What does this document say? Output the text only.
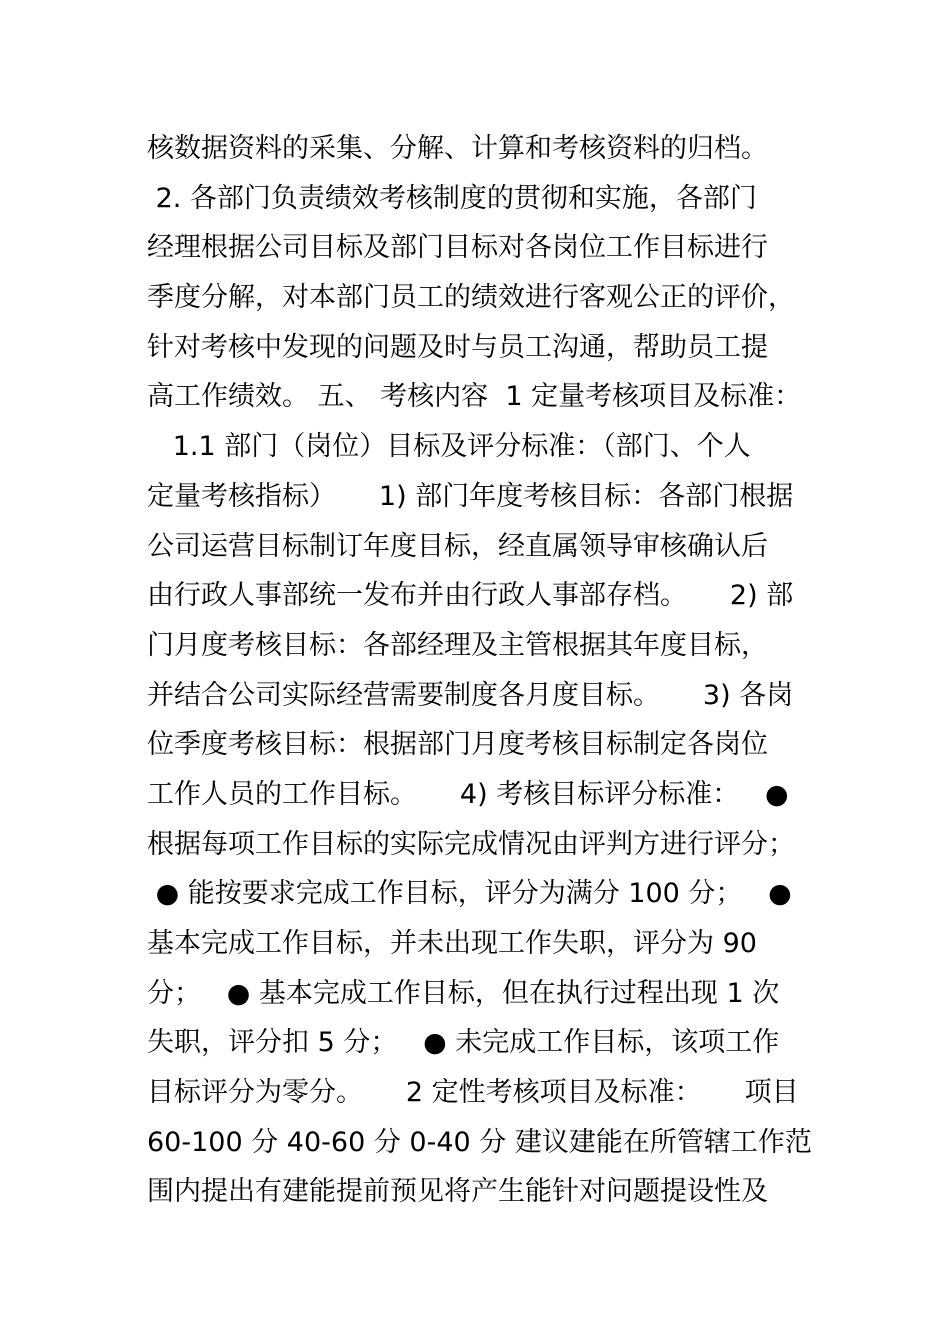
核数据资料的采集、分解、计算和考核资料的归档。
2. 各部门负责绩效考核制度的贯彻和实施，各部门
经理根据公司目标及部门目标对各岗位工作目标进行
季度分解，对本部门员工的绩效进行客观公正的评价，
针对考核中发现的问题及时与员工沟通，帮助员工提
高工作绩效。 五、 考核内容  1 定量考核项目及标准：
1.1 部门（岗位）目标及评分标准：（部门、个人
定量考核指标）     1) 部门年度考核目标：各部门根据
公司运营目标制订年度目标，经直属领导审核确认后
由行政人事部统一发布并由行政人事部存档。     2) 部
门月度考核目标：各部经理及主管根据其年度目标，
并结合公司实际经营需要制度各月度目标。     3) 各岗
位季度考核目标：根据部门月度考核目标制定各岗位
工作人员的工作目标。     4) 考核目标评分标准：   ●
根据每项工作目标的实际完成情况由评判方进行评分；
● 能按要求完成工作目标，评分为满分 100 分；   ●
基本完成工作目标，并未出现工作失职，评分为 90
分；   ● 基本完成工作目标，但在执行过程出现 1 次
失职，评分扣 5 分；   ● 未完成工作目标，该项工作
目标评分为零分。     2 定性考核项目及标准：     项目
60-100 分 40-60 分 0-40 分 建议建能在所管辖工作范
围内提出有建能提前预见将产生能针对问题提设性及
